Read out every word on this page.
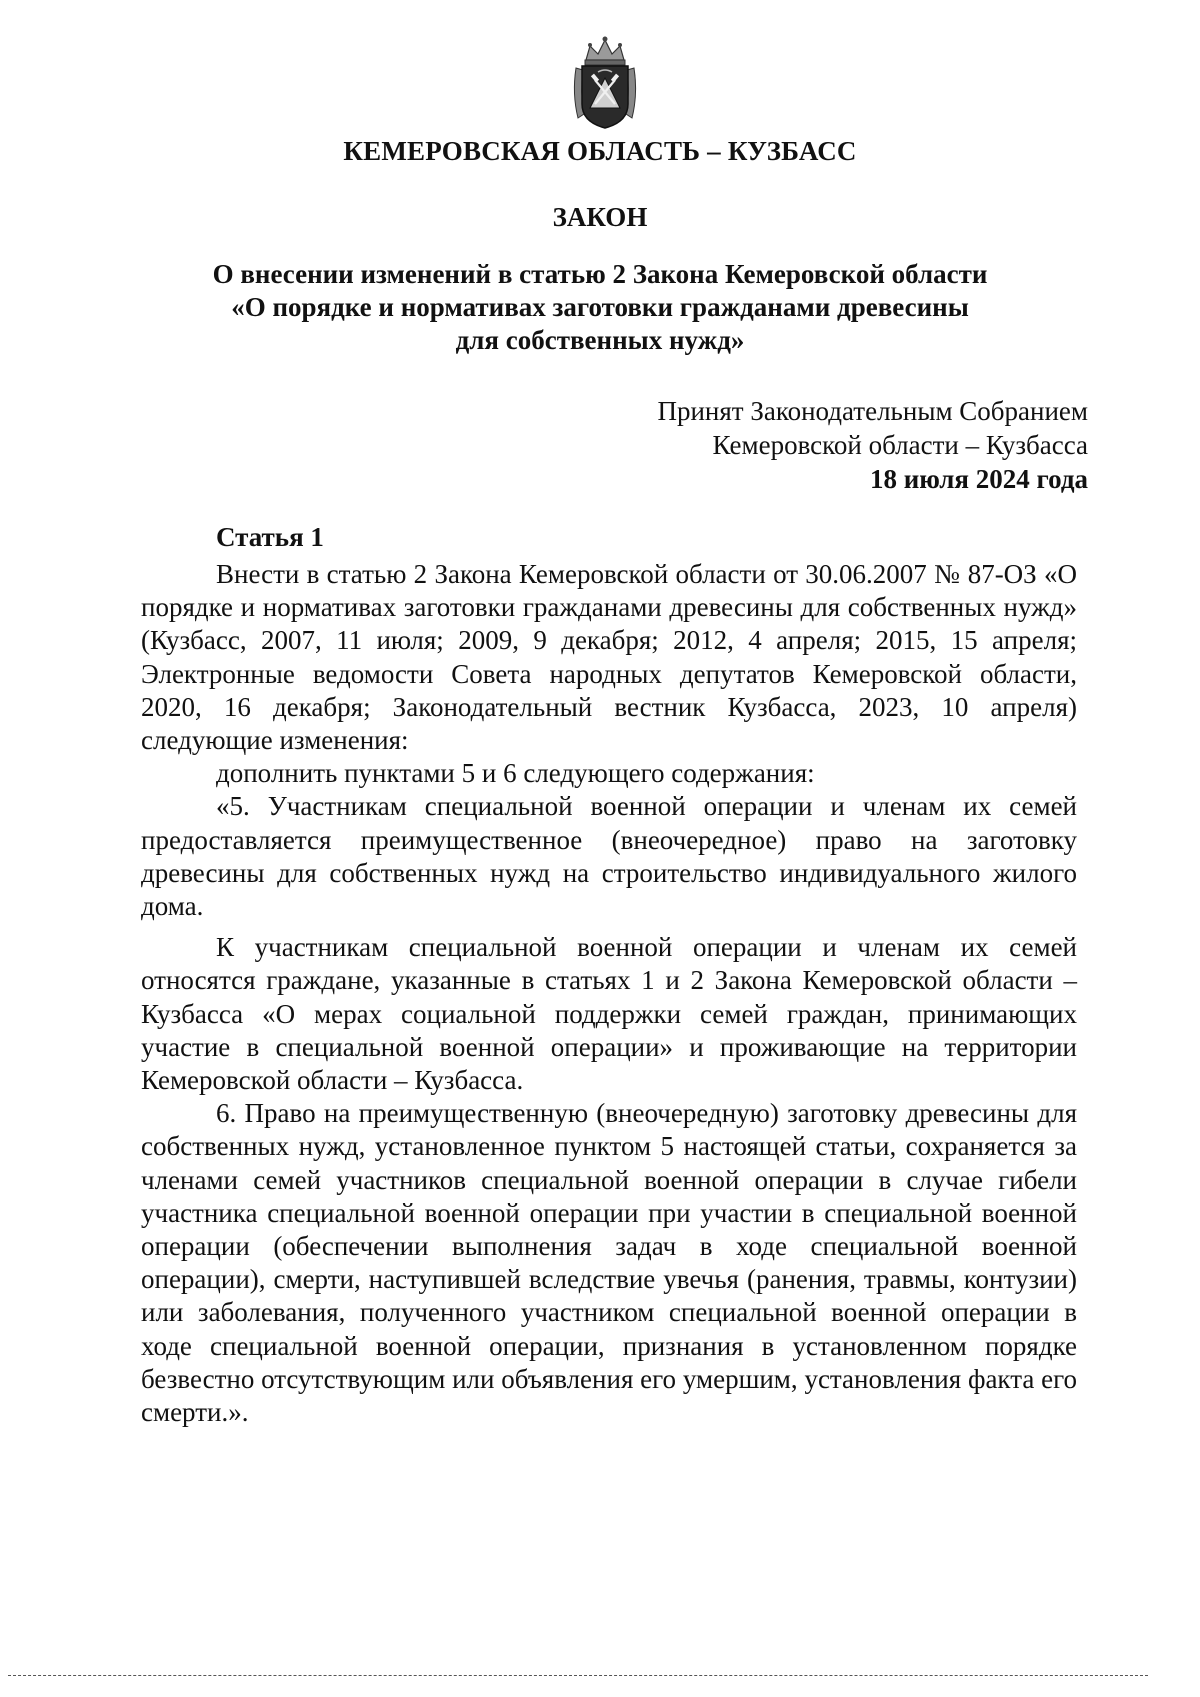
КЕМЕРОВСКАЯ ОБЛАСТЬ – КУЗБАСС
ЗАКОН
О внесении изменений в статью 2 Закона Кемеровской области
«О порядке и нормативах заготовки гражданами древесины
для собственных нужд»
Принят Законодательным Собранием
Кемеровской области – Кузбасса
18 июля 2024 года
Статья 1

Внести в статью 2 Закона Кемеровской области от 30.06.2007 № 87-ОЗ «О порядке и нормативах заготовки гражданами древесины для собственных нужд» (Кузбасс, 2007, 11 июля; 2009, 9 декабря; 2012, 4 апреля; 2015, 15 апреля; Электронные ведомости Совета народных депутатов Кемеровской области, 2020, 16 декабря; Законодательный вестник Кузбасса, 2023, 10 апреля) следующие изменения:

дополнить пунктами 5 и 6 следующего содержания:

«5. Участникам специальной военной операции и членам их семей предоставляется преимущественное (внеочередное) право на заготовку древесины для собственных нужд на строительство индивидуального жилого дома.

К участникам специальной военной операции и членам их семей относятся граждане, указанные в статьях 1 и 2 Закона Кемеровской области – Кузбасса «О мерах социальной поддержки семей граждан, принимающих участие в специальной военной операции» и проживающие на территории Кемеровской области – Кузбасса.

6. Право на преимущественную (внеочередную) заготовку древесины для собственных нужд, установленное пунктом 5 настоящей статьи, сохраняется за членами семей участников специальной военной операции в случае гибели участника специальной военной операции при участии в специальной военной операции (обеспечении выполнения задач в ходе специальной военной операции), смерти, наступившей вследствие увечья (ранения, травмы, контузии) или заболевания, полученного участником специальной военной операции в ходе специальной военной операции, признания в установленном порядке безвестно отсутствующим или объявления его умершим, установления факта его смерти.».
